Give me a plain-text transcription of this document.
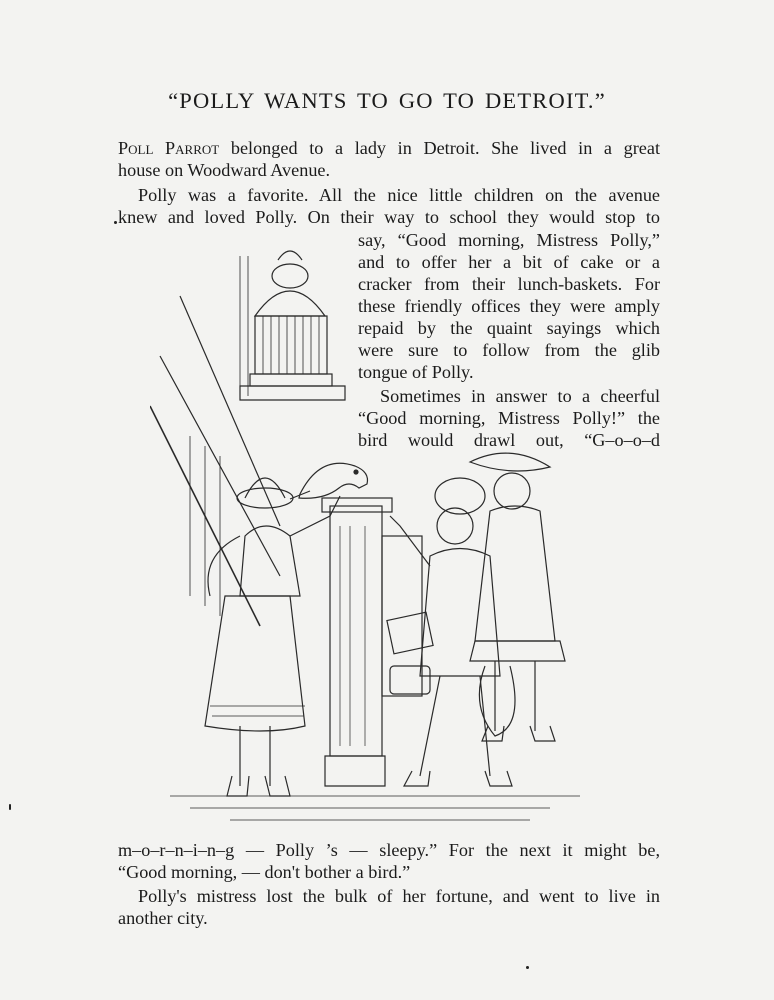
“POLLY WANTS TO GO TO DETROIT.”
Poll Parrot belonged to a lady in Detroit. She lived in a great
house on Woodward Avenue.
Polly was a favorite. All the nice little children on the avenue
knew and loved Polly. On their way to school they would stop to
say, “Good morning, Mistress Polly,”
and to offer her a bit of cake or a
cracker from their lunch-baskets. For
these friendly offices they were amply
repaid by the quaint sayings which
were sure to follow from the glib
tongue of Polly.
Sometimes in answer to a cheerful
“Good morning, Mistress Polly!” the
bird would drawl out, “G–o–o–d
m–o–r–n–i–n–g — Polly ’s — sleepy.” For the next it might be,
“Good morning, — don't bother a bird.”
Polly's mistress lost the bulk of her fortune, and went to live in
another city.
